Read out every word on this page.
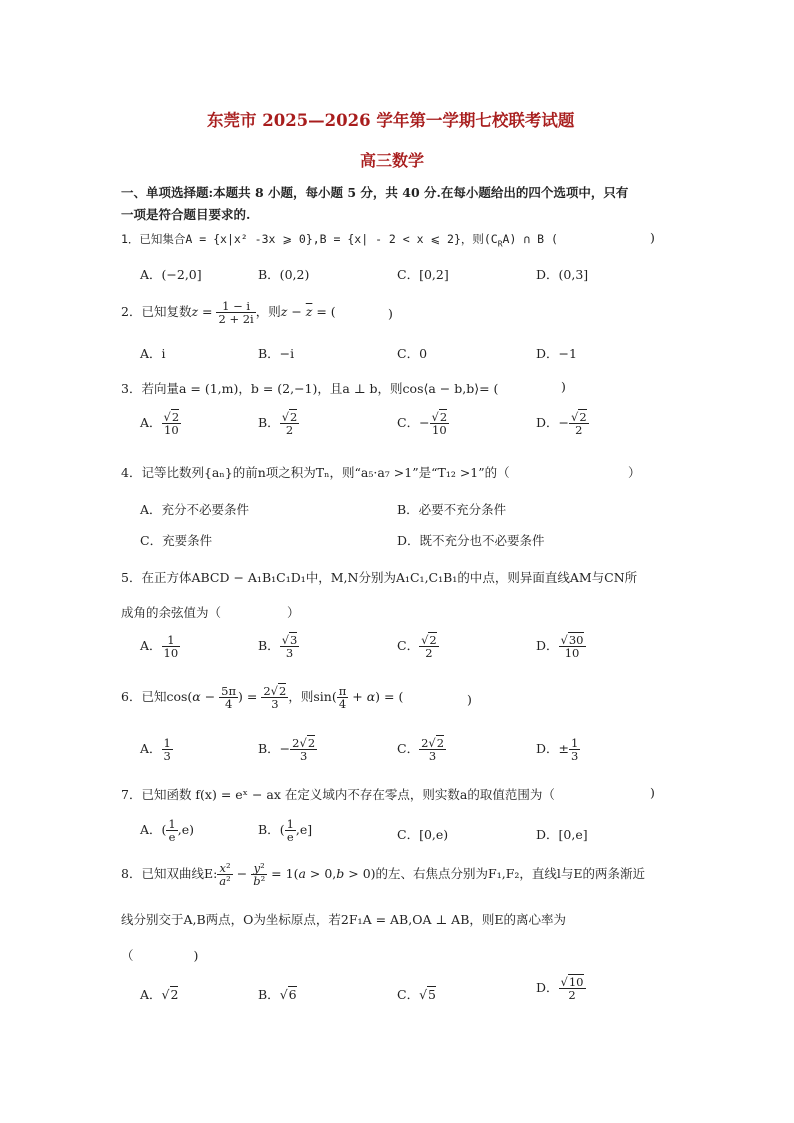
东莞市 2025—2026 学年第一学期七校联考试题
高三数学
一、单项选择题:本题共 8 小题，每小题 5 分，共 40 分.在每小题给出的四个选项中，只有
一项是符合题目要求的.
1．已知集合A = {x|x² -3x ⩾ 0},B = {x| - 2 < x ⩽ 2}，则$(C_RA)$ ∩ B (	)
A．(−2,0]	B．(0,2)	C．[0,2]	D．(0,3]
2．已知复数$z = \frac{1 - i}{2 + 2i}$ ，则$z - \overline{z}$ = (	)
A．i	B．−i	C．0	D．−1
3．若向量a = (1,m)，b = (2,−1)，且a ⊥ b，则cos⟨a − b,b⟩= (	)
A． $\frac{√2}{10}$	B． $\frac{√2}{2}$	C．− $\frac{√2}{10}$	D．− $\frac{√2}{2}$
4．记等比数列{aₙ}的前n项之积为Tₙ，则“a₅·a₇ >1”是“T₁₂ >1”的（	）
A．充分不必要条件	B．必要不充分条件
C．充要条件	D．既不充分也不必要条件
5．在正方体ABCD − A₁B₁C₁D₁中，M,N分别为A₁C₁,C₁B₁的中点，则异面直线AM与CN所
成角的余弦值为（	）
A． $\frac{1}{10}$	B． $\frac{√3}{3}$	C． $\frac{√2}{2}$	D． $\frac{√30}{10}$
6．已知$\cos(\alpha - \frac{5\pi}{4}$ ) = $\frac{2√2}{3}$ ，则$\sin( \frac{\pi}{4} + \alpha)$ = (	)
A． $\frac{1}{3}$	B．− $\frac{2√2}{3}$	C． $\frac{2√2}{3}$	D．± $\frac{1}{3}$
7．已知函数 f(x) = eˣ − ax 在定义域内不存在零点，则实数a的取值范围为（	)
A．( $\frac{1}{e} ,e$)	B．( $\frac{1}{e} ,e$]	C．[0,e)	D．[0,e]
8．已知双曲线E: $\frac{\text{x²}}{\text{a²}} - \frac{\text{y²}}{\text{b²}} = 1(a > 0,b > 0)$的左、右焦点分别为F₁,F₂，直线l与E的两条渐近
线分别交于A,B两点，O为坐标原点，若2F₁A = AB,OA ⊥ AB，则E的离心率为
（	)
A．√2	B．√6	C．√5	D． $\frac{√10}{2}$
